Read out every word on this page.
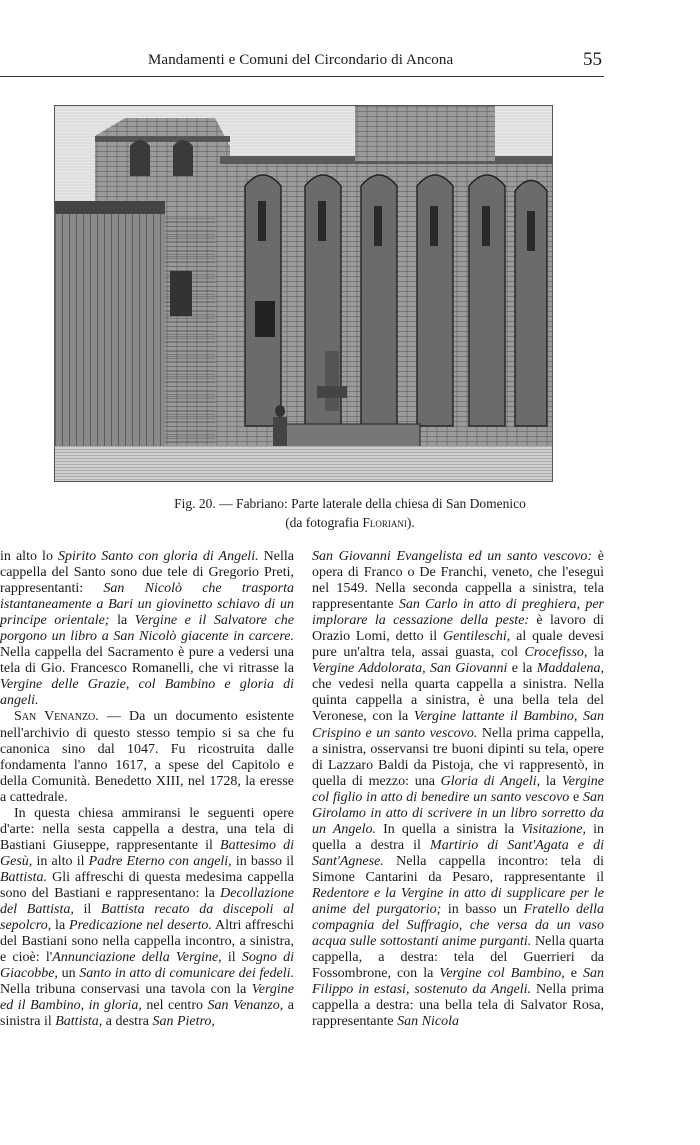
Mandamenti e Comuni del Circondario di Ancona	55
Fig. 20. — Fabriano: Parte laterale della chiesa di San Domenico
(da fotografia Floriani).

in alto lo Spirito Santo con gloria di Angeli. Nella cappella del Santo sono due tele di Gregorio Preti, rappresentanti: San Nicolò che trasporta istantaneamente a Bari un giovinetto schiavo di un principe orientale; la Vergine e il Salvatore che porgono un libro a San Nicolò giacente in carcere. Nella cappella del Sacramento è pure a vedersi una tela di Gio. Francesco Romanelli, che vi ritrasse la Vergine delle Grazie, col Bambino e gloria di angeli.

San Venanzo. — Da un documento esistente nell'archivio di questo stesso tempio si sa che fu canonica sino dal 1047. Fu ricostruita dalle fondamenta l'anno 1617, a spese del Capitolo e della Comunità. Benedetto XIII, nel 1728, la eresse a cattedrale.

In questa chiesa ammiransi le seguenti opere d'arte: nella sesta cappella a destra, una tela di Bastiani Giuseppe, rappresentante il Battesimo di Gesù, in alto il Padre Eterno con angeli, in basso il Battista. Gli affreschi di questa medesima cappella sono del Bastiani e rappresentano: la Decollazione del Battista, il Battista recato da discepoli al sepolcro, la Predicazione nel deserto. Altri affreschi del Bastiani sono nella cappella incontro, a sinistra, e cioè: l'Annunciazione della Vergine, il Sogno di Giacobbe, un Santo in atto di comunicare dei fedeli. Nella tribuna conservasi una tavola con la Vergine ed il Bambino, in gloria, nel centro San Venanzo, a sinistra il Battista, a destra San Pietro,

San Giovanni Evangelista ed un santo vescovo: è opera di Franco o De Franchi, veneto, che l'eseguì nel 1549. Nella seconda cappella a sinistra, tela rappresentante San Carlo in atto di preghiera, per implorare la cessazione della peste: è lavoro di Orazio Lomi, detto il Gentileschi, al quale devesi pure un'altra tela, assai guasta, col Crocefisso, la Vergine Addolorata, San Giovanni e la Maddalena, che vedesi nella quarta cappella a sinistra. Nella quinta cappella a sinistra, è una bella tela del Veronese, con la Vergine lattante il Bambino, San Crispino e un santo vescovo. Nella prima cappella, a sinistra, osservansi tre buoni dipinti su tela, opere di Lazzaro Baldi da Pistoja, che vi rappresentò, in quella di mezzo: una Gloria di Angeli, la Vergine col figlio in atto di benedire un santo vescovo e San Girolamo in atto di scrivere in un libro sorretto da un Angelo. In quella a sinistra la Visitazione, in quella a destra il Martirio di Sant'Agata e di Sant'Agnese. Nella cappella incontro: tela di Simone Cantarini da Pesaro, rappresentante il Redentore e la Vergine in atto di supplicare per le anime del purgatorio; in basso un Fratello della compagnia del Suffragio, che versa da un vaso acqua sulle sottostanti anime purganti. Nella quarta cappella, a destra: tela del Guerrieri da Fossombrone, con la Vergine col Bambino, e San Filippo in estasi, sostenuto da Angeli. Nella prima cappella a destra: una bella tela di Salvator Rosa, rappresentante San Nicola
